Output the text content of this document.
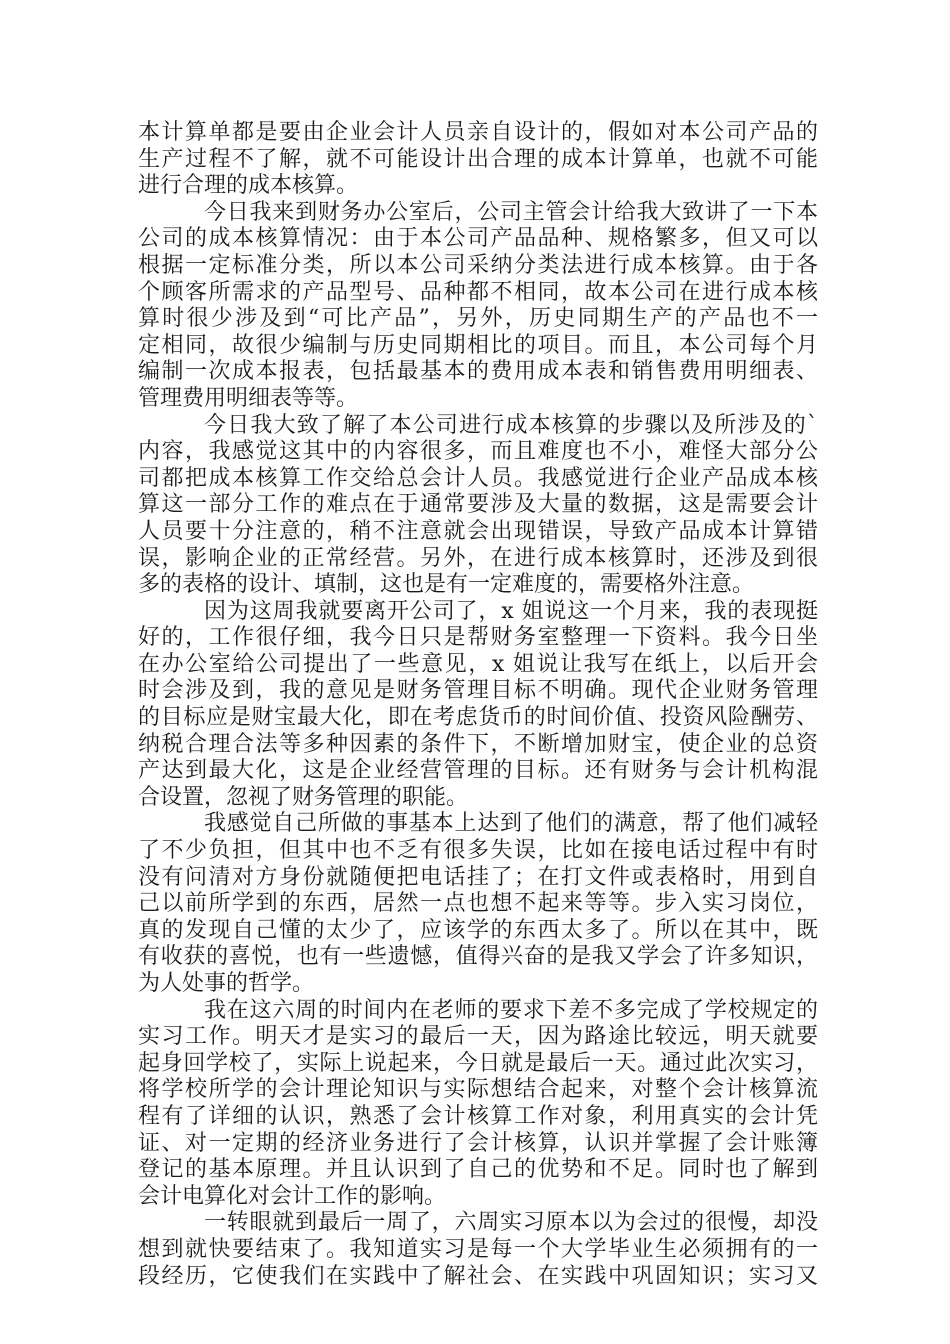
本计算单都是要由企业会计人员亲自设计的，假如对本公司产品的
生产过程不了解，就不可能设计出合理的成本计算单，也就不可能
进行合理的成本核算。
今日我来到财务办公室后，公司主管会计给我大致讲了一下本
公司的成本核算情况：由于本公司产品品种、规格繁多，但又可以
根据一定标准分类，所以本公司采纳分类法进行成本核算。由于各
个顾客所需求的产品型号、品种都不相同，故本公司在进行成本核
算时很少涉及到“可比产品”，另外，历史同期生产的产品也不一
定相同，故很少编制与历史同期相比的项目。而且，本公司每个月
编制一次成本报表，包括最基本的费用成本表和销售费用明细表、
管理费用明细表等等。
今日我大致了解了本公司进行成本核算的步骤以及所涉及的`
内容，我感觉这其中的内容很多，而且难度也不小，难怪大部分公
司都把成本核算工作交给总会计人员。我感觉进行企业产品成本核
算这一部分工作的难点在于通常要涉及大量的数据，这是需要会计
人员要十分注意的，稍不注意就会出现错误，导致产品成本计算错
误，影响企业的正常经营。另外，在进行成本核算时，还涉及到很
多的表格的设计、填制，这也是有一定难度的，需要格外注意。
因为这周我就要离开公司了，x 姐说这一个月来，我的表现挺
好的，工作很仔细，我今日只是帮财务室整理一下资料。我今日坐
在办公室给公司提出了一些意见，x 姐说让我写在纸上，以后开会
时会涉及到，我的意见是财务管理目标不明确。现代企业财务管理
的目标应是财宝最大化，即在考虑货币的时间价值、投资风险酬劳、
纳税合理合法等多种因素的条件下，不断增加财宝，使企业的总资
产达到最大化，这是企业经营管理的目标。还有财务与会计机构混
合设置，忽视了财务管理的职能。
我感觉自己所做的事基本上达到了他们的满意，帮了他们减轻
了不少负担，但其中也不乏有很多失误，比如在接电话过程中有时
没有问清对方身份就随便把电话挂了；在打文件或表格时，用到自
己以前所学到的东西，居然一点也想不起来等等。步入实习岗位，
真的发现自己懂的太少了，应该学的东西太多了。所以在其中，既
有收获的喜悦，也有一些遗憾，值得兴奋的是我又学会了许多知识，
为人处事的哲学。
我在这六周的时间内在老师的要求下差不多完成了学校规定的
实习工作。明天才是实习的最后一天，因为路途比较远，明天就要
起身回学校了，实际上说起来，今日就是最后一天。通过此次实习，
将学校所学的会计理论知识与实际想结合起来，对整个会计核算流
程有了详细的认识，熟悉了会计核算工作对象，利用真实的会计凭
证、对一定期的经济业务进行了会计核算，认识并掌握了会计账簿
登记的基本原理。并且认识到了自己的优势和不足。同时也了解到
会计电算化对会计工作的影响。
一转眼就到最后一周了，六周实习原本以为会过的很慢，却没
想到就快要结束了。我知道实习是每一个大学毕业生必须拥有的一
段经历，它使我们在实践中了解社会、在实践中巩固知识；实习又
